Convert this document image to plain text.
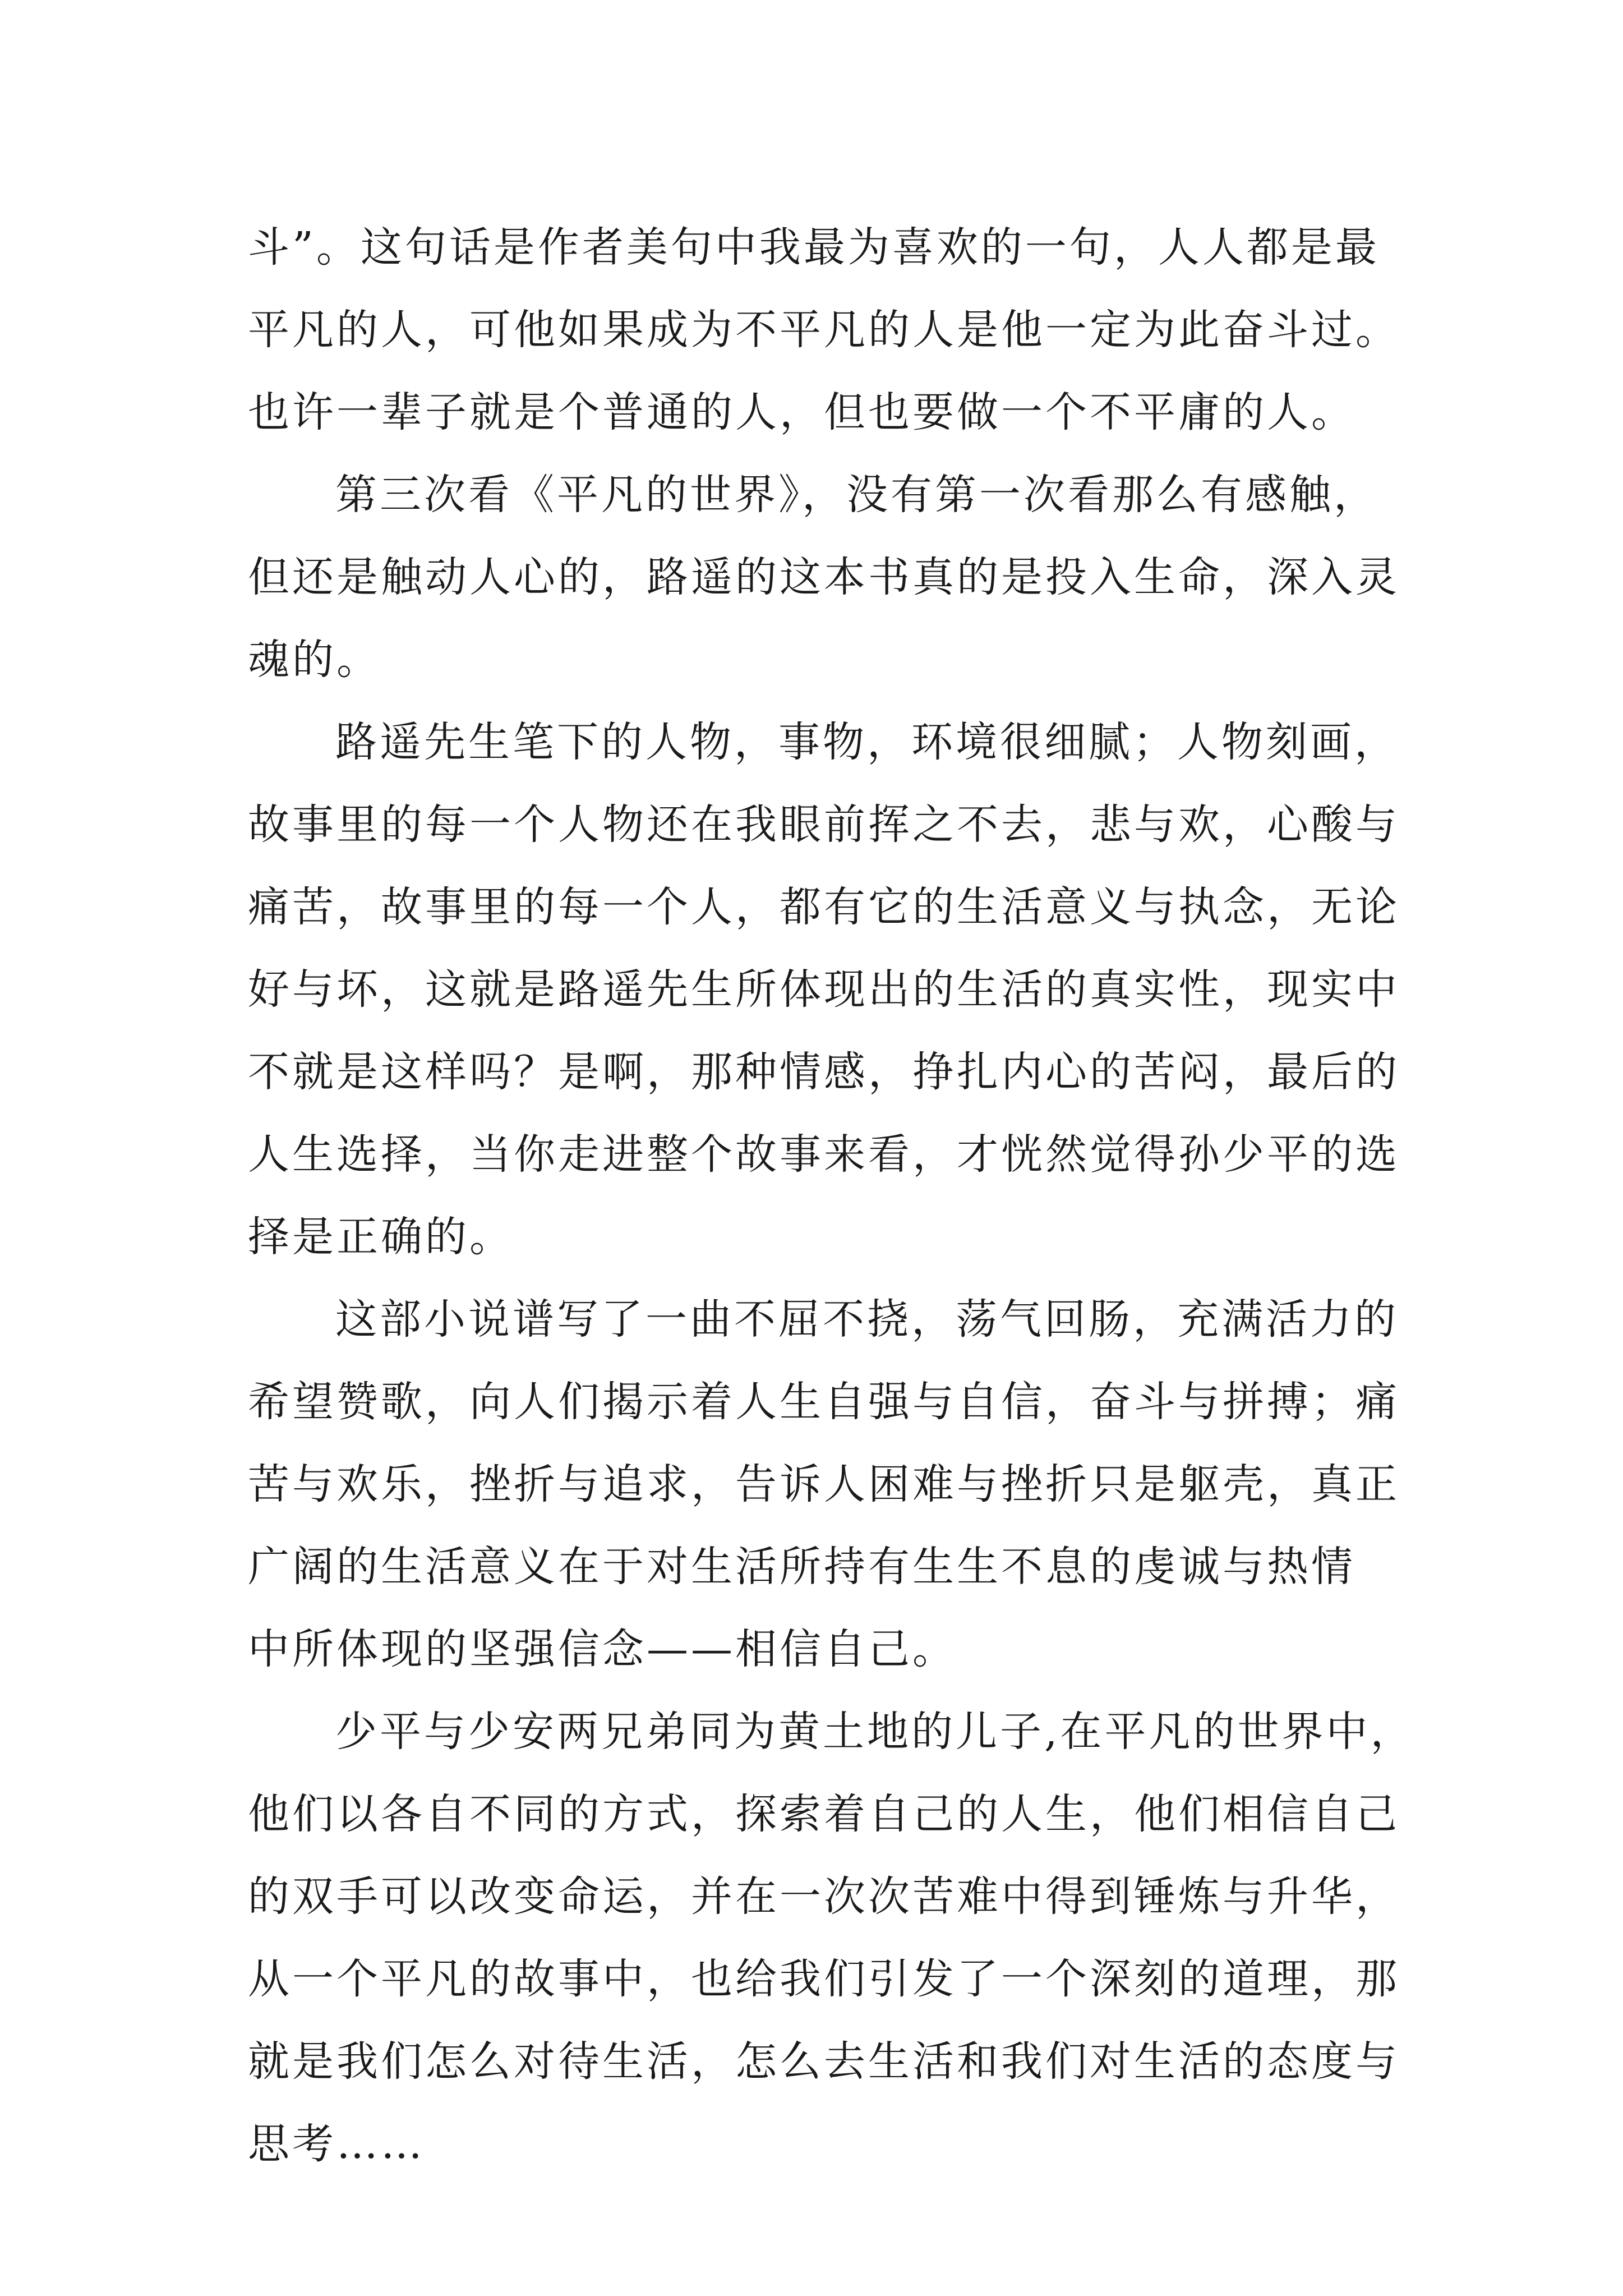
斗”。这句话是作者美句中我最为喜欢的一句，人人都是最
平凡的人，可他如果成为不平凡的人是他一定为此奋斗过。
也许一辈子就是个普通的人，但也要做一个不平庸的人。
第三次看《平凡的世界》，没有第一次看那么有感触，
但还是触动人心的，路遥的这本书真的是投入生命，深入灵
魂的。
路遥先生笔下的人物，事物，环境很细腻；人物刻画，
故事里的每一个人物还在我眼前挥之不去，悲与欢，心酸与
痛苦，故事里的每一个人，都有它的生活意义与执念，无论
好与坏，这就是路遥先生所体现出的生活的真实性，现实中
不就是这样吗？是啊，那种情感，挣扎内心的苦闷，最后的
人生选择，当你走进整个故事来看，才恍然觉得孙少平的选
择是正确的。
这部小说谱写了一曲不屈不挠，荡气回肠，充满活力的
希望赞歌，向人们揭示着人生自强与自信，奋斗与拼搏；痛
苦与欢乐，挫折与追求，告诉人困难与挫折只是躯壳，真正
广阔的生活意义在于对生活所持有生生不息的虔诚与热情
中所体现的坚强信念——相信自己。
少平与少安两兄弟同为黄土地的儿子,在平凡的世界中，
他们以各自不同的方式，探索着自己的人生，他们相信自己
的双手可以改变命运，并在一次次苦难中得到锤炼与升华，
从一个平凡的故事中，也给我们引发了一个深刻的道理，那
就是我们怎么对待生活，怎么去生活和我们对生活的态度与
思考……
